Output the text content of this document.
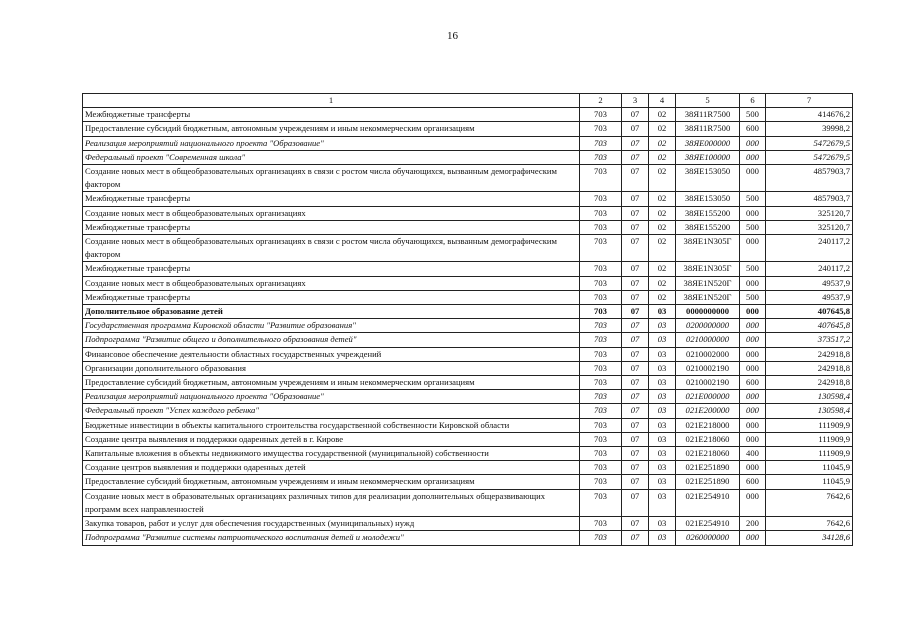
16
1	2	3	4	5	6	7
Межбюджетные трансферты	703	07	02	38Я11R7500	500	414676,2
Предоставление субсидий бюджетным, автономным учреждениям и иным некоммерческим организациям	703	07	02	38Я11R7500	600	39998,2
Реализация мероприятий национального проекта "Образование"	703	07	02	38ЯЕ000000	000	5472679,5
Федеральный проект "Современная школа"	703	07	02	38ЯЕ100000	000	5472679,5
Создание новых мест в общеобразовательных организациях в связи с ростом числа обучающихся, вызванным демографическим фактором	703	07	02	38ЯЕ153050	000	4857903,7
Межбюджетные трансферты	703	07	02	38ЯЕ153050	500	4857903,7
Создание новых мест в общеобразовательных организациях	703	07	02	38ЯЕ155200	000	325120,7
Межбюджетные трансферты	703	07	02	38ЯЕ155200	500	325120,7
Создание новых мест в общеобразовательных организациях в связи с ростом числа обучающихся, вызванным демографическим фактором	703	07	02	38ЯЕ1N305Г	000	240117,2
Межбюджетные трансферты	703	07	02	38ЯЕ1N305Г	500	240117,2
Создание новых мест в общеобразовательных организациях	703	07	02	38ЯЕ1N520Г	000	49537,9
Межбюджетные трансферты	703	07	02	38ЯЕ1N520Г	500	49537,9
Дополнительное образование детей	703	07	03	0000000000	000	407645,8
Государственная программа Кировской области "Развитие образования"	703	07	03	0200000000	000	407645,8
Подпрограмма "Развитие общего и дополнительного образования детей"	703	07	03	0210000000	000	373517,2
Финансовое обеспечение деятельности областных государственных учреждений	703	07	03	0210002000	000	242918,8
Организации дополнительного образования	703	07	03	0210002190	000	242918,8
Предоставление субсидий бюджетным, автономным учреждениям и иным некоммерческим организациям	703	07	03	0210002190	600	242918,8
Реализация мероприятий национального проекта "Образование"	703	07	03	021E000000	000	130598,4
Федеральный проект "Успех каждого ребенка"	703	07	03	021E200000	000	130598,4
Бюджетные инвестиции в объекты капитального строительства государственной собственности Кировской области	703	07	03	021E218000	000	111909,9
Создание центра выявления и поддержки одаренных детей в г. Кирове	703	07	03	021E218060	000	111909,9
Капитальные вложения в объекты недвижимого имущества государственной (муниципальной) собственности	703	07	03	021E218060	400	111909,9
Создание центров выявления и поддержки одаренных детей	703	07	03	021E251890	000	11045,9
Предоставление субсидий бюджетным, автономным учреждениям и иным некоммерческим организациям	703	07	03	021E251890	600	11045,9
Создание новых мест в образовательных организациях различных типов для реализации дополнительных общеразвивающих программ всех направленностей	703	07	03	021E254910	000	7642,6
Закупка товаров, работ и услуг для обеспечения государственных (муниципальных) нужд	703	07	03	021E254910	200	7642,6
Подпрограмма "Развитие системы патриотического воспитания детей и молодежи"	703	07	03	0260000000	000	34128,6
